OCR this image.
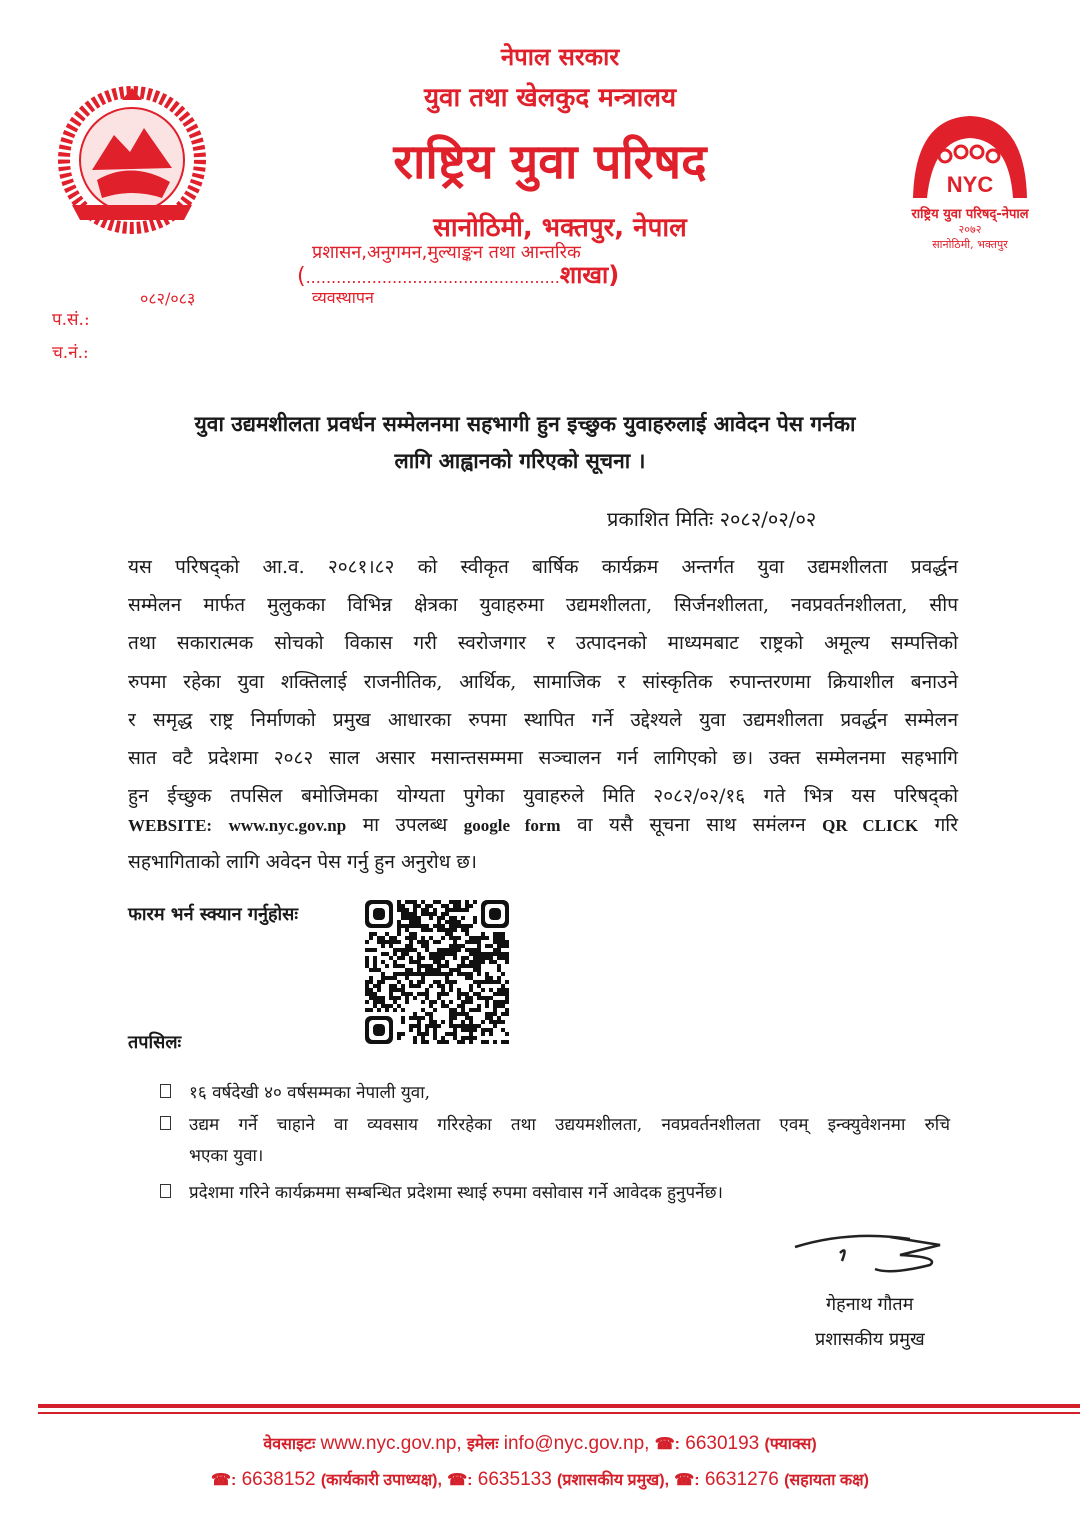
NYC
राष्ट्रिय युवा परिषद्-नेपाल
२०७२
सानोठिमी, भक्तपुर
नेपाल सरकार
युवा तथा खेलकुद मन्त्रालय
राष्ट्रिय युवा परिषद
सानोठिमी, भक्तपुर, नेपाल
प्रशासन,अनुगमन,मुल्याङ्कन तथा आन्तरिक
(..................................................शाखा)
व्यवस्थापन
०८२/०८३
प.सं.:
च.नं.:
युवा उद्यमशीलता प्रवर्धन सम्मेलनमा सहभागी हुन इच्छुक युवाहरुलाई आवेदन पेस गर्नका
लागि आह्वानको गरिएको सूचना ।
प्रकाशित मितिः २०८२/०२/०२
यस परिषद्को आ.व. २०८१।८२ को स्वीकृत बार्षिक कार्यक्रम अन्तर्गत युवा उद्यमशीलता प्रवर्द्धन
सम्मेलन मार्फत मुलुकका विभिन्न क्षेत्रका युवाहरुमा उद्यमशीलता, सिर्जनशीलता, नवप्रवर्तनशीलता, सीप
तथा सकारात्मक सोचको विकास गरी स्वरोजगार र उत्पादनको माध्यमबाट राष्ट्रको अमूल्य सम्पत्तिको
रुपमा रहेका युवा शक्तिलाई राजनीतिक, आर्थिक, सामाजिक र सांस्कृतिक रुपान्तरणमा क्रियाशील बनाउने
र समृद्ध राष्ट्र निर्माणको प्रमुख आधारका रुपमा स्थापित गर्ने उद्देश्यले युवा उद्यमशीलता प्रवर्द्धन सम्मेलन
सात वटै प्रदेशमा २०८२ साल असार मसान्तसम्ममा सञ्चालन गर्न लागिएको छ। उक्त सम्मेलनमा सहभागि
हुन ईच्छुक तपसिल बमोजिमका योग्यता पुगेका युवाहरुले मिति २०८२/०२/१६ गते भित्र यस परिषद्को
WEBSITE: www.nyc.gov.np मा उपलब्ध google form वा यसै सूचना साथ समंलग्न QR CLICK गरि
सहभागिताको लागि अवेदन पेस गर्नु हुन अनुरोध छ।
फारम भर्न स्क्यान गर्नुहोसः
तपसिलः
१६ वर्षदेखी ४० वर्षसम्मका नेपाली युवा,
उद्यम गर्ने चाहाने वा व्यवसाय गरिरहेका तथा उद्ययमशीलता, नवप्रवर्तनशीलता एवम् इन्क्युवेशनमा रुचि
भएका युवा।
प्रदेशमा गरिने कार्यक्रममा सम्बन्धित प्रदेशमा स्थाई रुपमा वसोवास गर्ने आवेदक हुनुपर्नेछ।
गेहनाथ गौतम
प्रशासकीय प्रमुख
वेवसाइटः www.nyc.gov.np, इमेलः info@nyc.gov.np, ☎: 6630193 (फ्याक्स)
☎: 6638152 (कार्यकारी उपाध्यक्ष), ☎: 6635133 (प्रशासकीय प्रमुख), ☎: 6631276 (सहायता कक्ष)
